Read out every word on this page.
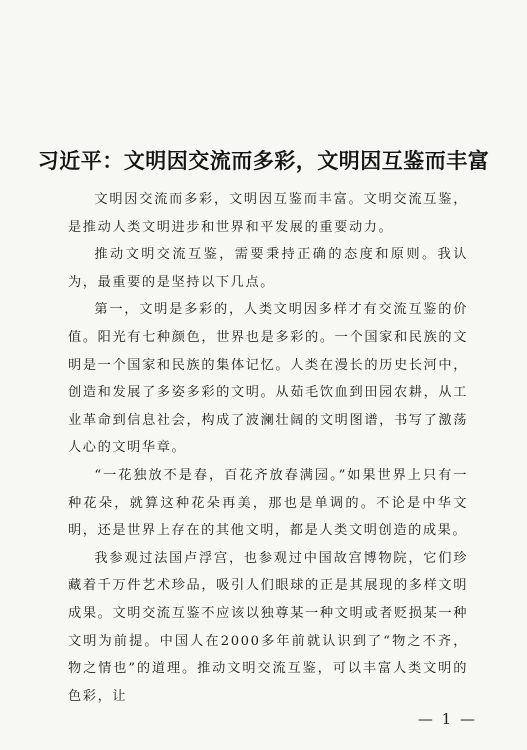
习近平：文明因交流而多彩，文明因互鉴而丰富

文明因交流而多彩，文明因互鉴而丰富。文明交流互鉴，是推动人类文明进步和世界和平发展的重要动力。

推动文明交流互鉴，需要秉持正确的态度和原则。我认为，最重要的是坚持以下几点。

第一，文明是多彩的，人类文明因多样才有交流互鉴的价值。阳光有七种颜色，世界也是多彩的。一个国家和民族的文明是一个国家和民族的集体记忆。人类在漫长的历史长河中，创造和发展了多姿多彩的文明。从茹毛饮血到田园农耕，从工业革命到信息社会，构成了波澜壮阔的文明图谱，书写了激荡人心的文明华章。

“一花独放不是春，百花齐放春满园。”如果世界上只有一种花朵，就算这种花朵再美，那也是单调的。不论是中华文明，还是世界上存在的其他文明，都是人类文明创造的成果。

我参观过法国卢浮宫，也参观过中国故宫博物院，它们珍藏着千万件艺术珍品，吸引人们眼球的正是其展现的多样文明成果。文明交流互鉴不应该以独尊某一种文明或者贬损某一种文明为前提。中国人在2000多年前就认识到了“物之不齐，物之情也”的道理。推动文明交流互鉴，可以丰富人类文明的色彩，让

— 1 —
